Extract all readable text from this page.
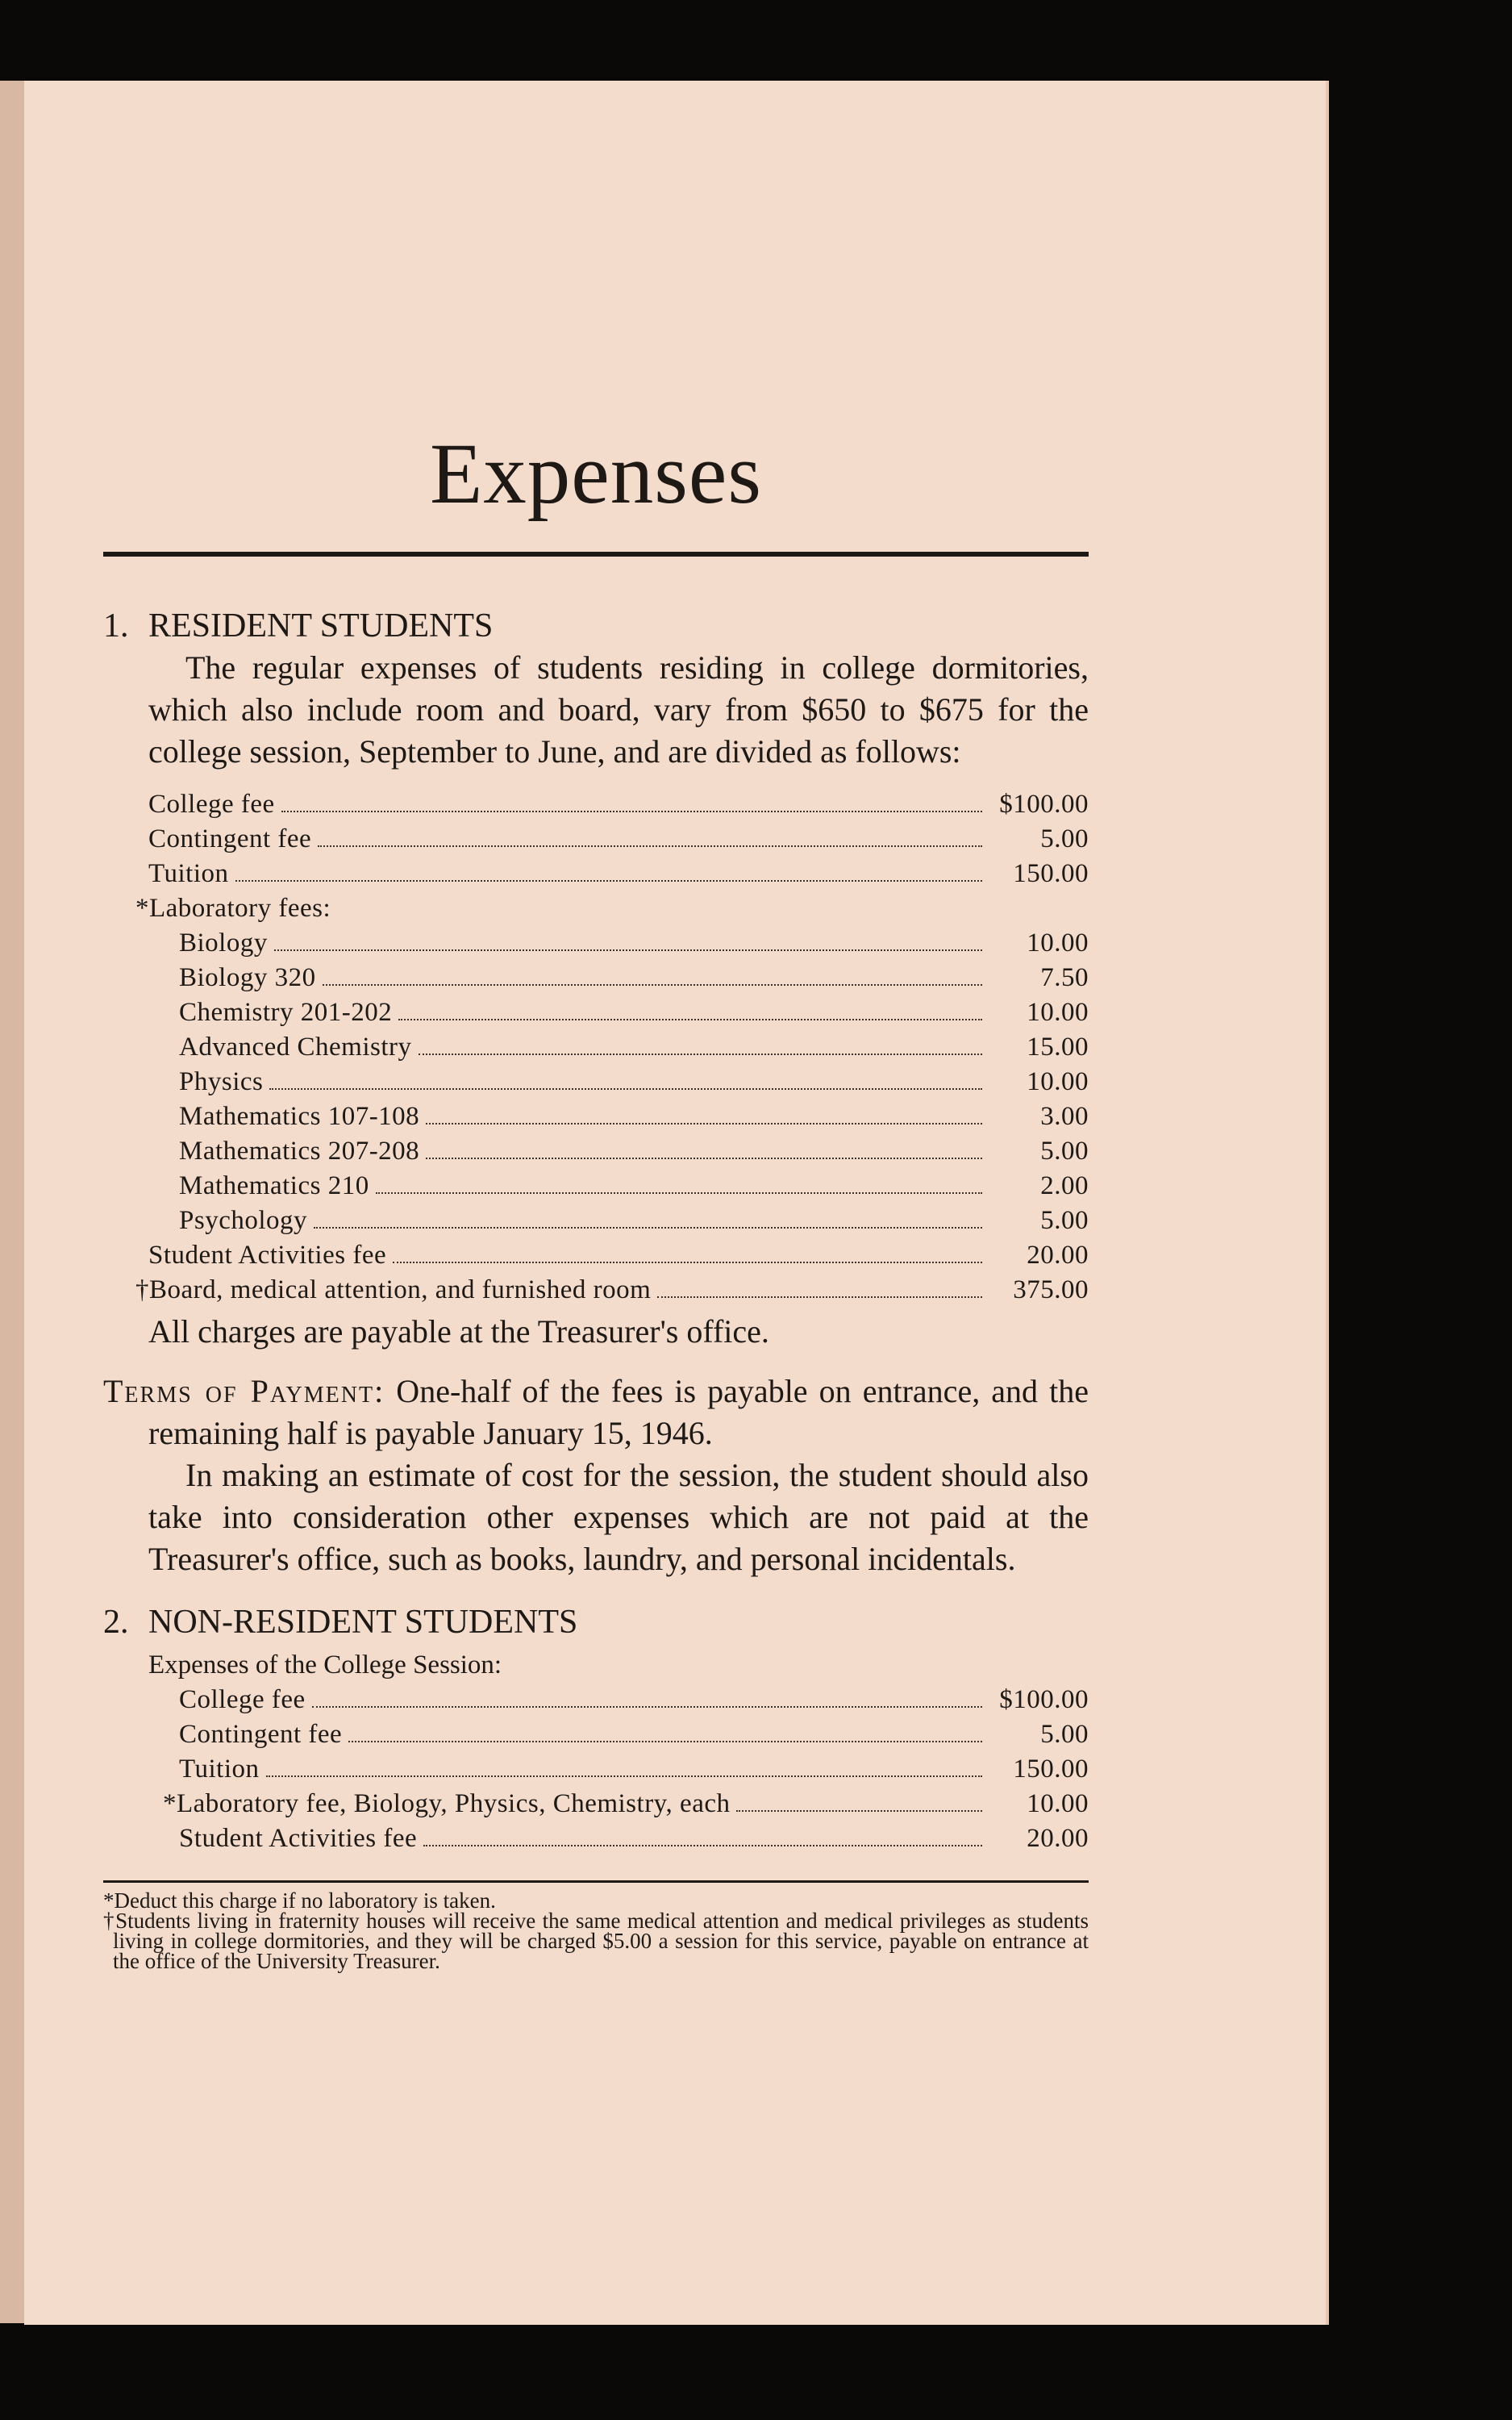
Expenses
1. RESIDENT STUDENTS

The regular expenses of students residing in college dormitories, which also include room and board, vary from $650 to $675 for the college session, September to June, and are divided as follows:

College fee	$100.00
Contingent fee	5.00
Tuition	150.00
*Laboratory fees:
Biology	10.00
Biology 320	7.50
Chemistry 201-202	10.00
Advanced Chemistry	15.00
Physics	10.00
Mathematics 107-108	3.00
Mathematics 207-208	5.00
Mathematics 210	2.00
Psychology	5.00
Student Activities fee	20.00
†Board, medical attention, and furnished room	375.00
All charges are payable at the Treasurer's office.
Terms of Payment: One-half of the fees is payable on entrance, and the remaining half is payable January 15, 1946.

In making an estimate of cost for the session, the student should also take into consideration other expenses which are not paid at the Treasurer's office, such as books, laundry, and personal incidentals.

2. NON-RESIDENT STUDENTS
Expenses of the College Session:
College fee	$100.00
Contingent fee	5.00
Tuition	150.00
*Laboratory fee, Biology, Physics, Chemistry, each	10.00
Student Activities fee	20.00

*Deduct this charge if no laboratory is taken.

†Students living in fraternity houses will receive the same medical attention and medical privileges as students living in college dormitories, and they will be charged $5.00 a session for this service, payable on entrance at the office of the University Treasurer.
